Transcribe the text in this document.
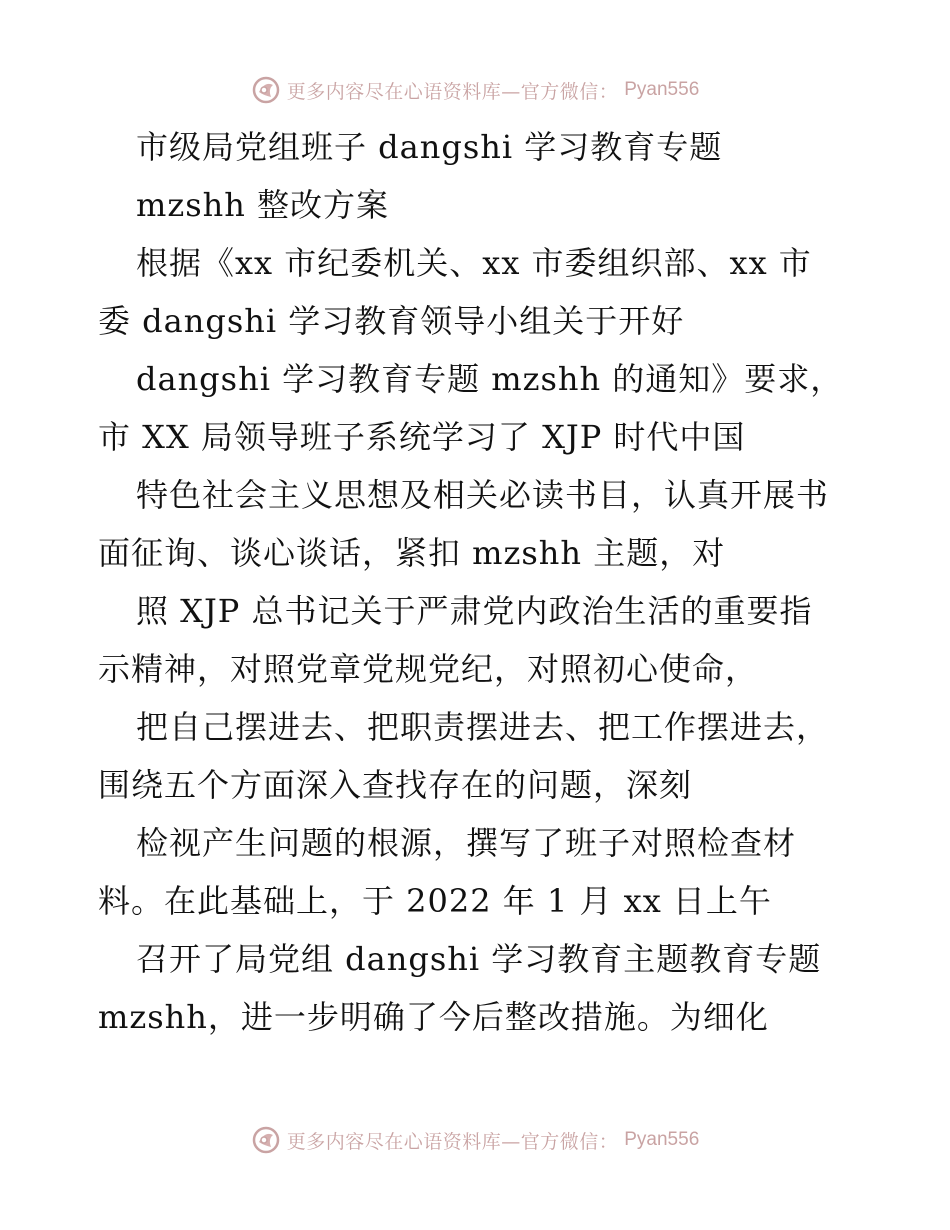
更多内容尽在心语资料库—官方微信： Pyan556
市级局党组班子 dangshi 学习教育专题
mzshh 整改方案
根据《xx 市纪委机关、xx 市委组织部、xx 市
委 dangshi 学习教育领导小组关于开好
dangshi 学习教育专题 mzshh 的通知》要求，
市 XX 局领导班子系统学习了 XJP 时代中国
特色社会主义思想及相关必读书目，认真开展书
面征询、谈心谈话，紧扣 mzshh 主题，对
照 XJP 总书记关于严肃党内政治生活的重要指
示精神，对照党章党规党纪，对照初心使命，
把自己摆进去、把职责摆进去、把工作摆进去，
围绕五个方面深入查找存在的问题，深刻
检视产生问题的根源，撰写了班子对照检查材
料。在此基础上，于 2022 年 1 月 xx 日上午
召开了局党组 dangshi 学习教育主题教育专题
mzshh，进一步明确了今后整改措施。为细化
更多内容尽在心语资料库—官方微信： Pyan556
